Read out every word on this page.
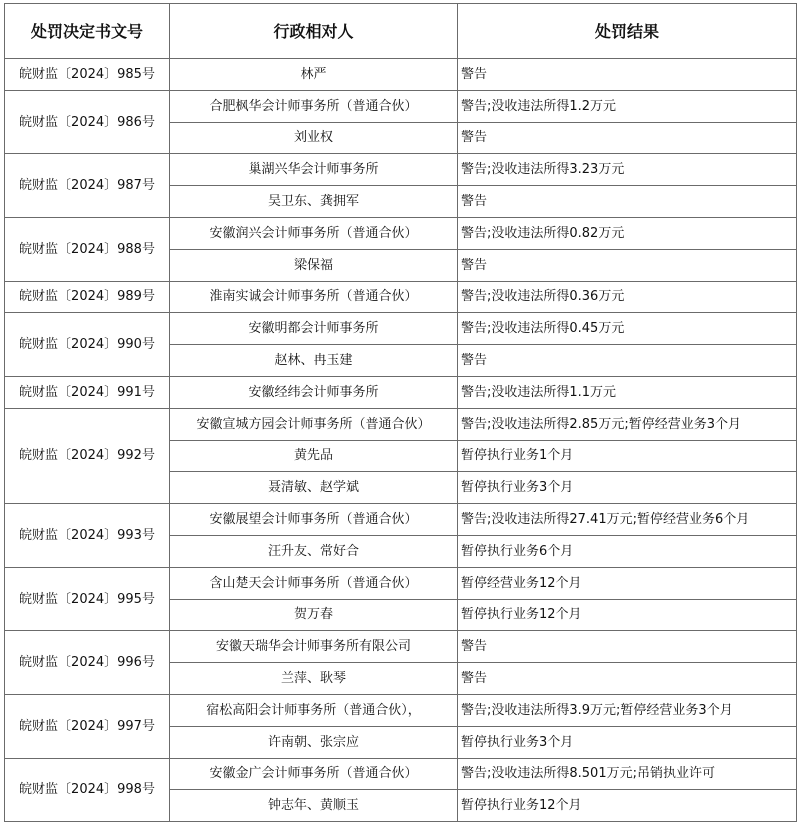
处罚决定书文号	行政相对人	处罚结果
皖财监〔2024〕985号	林严	警告
皖财监〔2024〕986号	合肥枫华会计师事务所（普通合伙）	警告;没收违法所得1.2万元
	刘业权	警告
皖财监〔2024〕987号	巢湖兴华会计师事务所	警告;没收违法所得3.23万元
	吴卫东、龚拥军	警告
皖财监〔2024〕988号	安徽润兴会计师事务所（普通合伙）	警告;没收违法所得0.82万元
	梁保福	警告
皖财监〔2024〕989号	淮南实诚会计师事务所（普通合伙）	警告;没收违法所得0.36万元
皖财监〔2024〕990号	安徽明都会计师事务所	警告;没收违法所得0.45万元
	赵林、冉玉建	警告
皖财监〔2024〕991号	安徽经纬会计师事务所	警告;没收违法所得1.1万元
皖财监〔2024〕992号	安徽宣城方园会计师事务所（普通合伙）	警告;没收违法所得2.85万元;暂停经营业务3个月
	黄先品	暂停执行业务1个月
	聂清敏、赵学斌	暂停执行业务3个月
皖财监〔2024〕993号	安徽展望会计师事务所（普通合伙）	警告;没收违法所得27.41万元;暂停经营业务6个月
	汪升友、常好合	暂停执行业务6个月
皖财监〔2024〕995号	含山楚天会计师事务所（普通合伙）	暂停经营业务12个月
	贺万春	暂停执行业务12个月
皖财监〔2024〕996号	安徽天瑞华会计师事务所有限公司	警告
	兰萍、耿琴	警告
皖财监〔2024〕997号	宿松高阳会计师事务所（普通合伙），	警告;没收违法所得3.9万元;暂停经营业务3个月
	许南朝、张宗应	暂停执行业务3个月
皖财监〔2024〕998号	安徽金广会计师事务所（普通合伙）	警告;没收违法所得8.501万元;吊销执业许可
	钟志年、黄顺玉	暂停执行业务12个月
